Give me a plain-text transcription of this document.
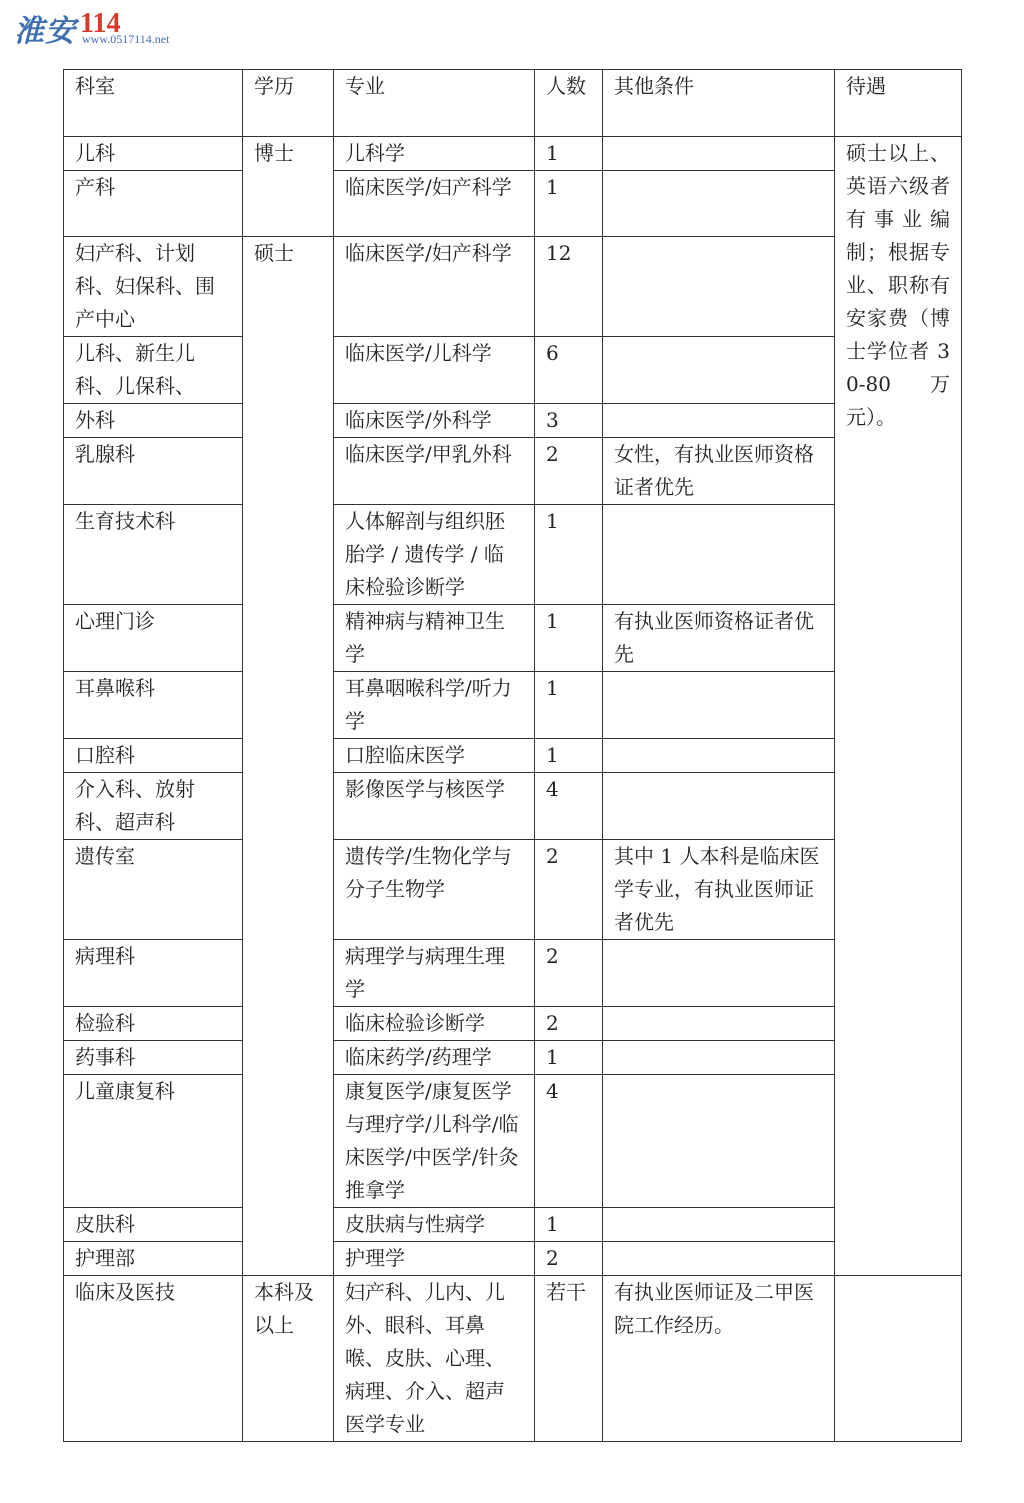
淮安 114
www.0517114.net
科室	学历	专业	人数	其他条件	待遇
儿科	博士	儿科学	1		硕士以上、英语六级者有事业编制；根据专业、职称有安家费（博士学位者 30-80 万元）。
产科		临床医学/妇产科学	1		
妇产科、计划科、妇保科、围产中心	硕士	临床医学/妇产科学	12		
儿科、新生儿科、儿保科、		临床医学/儿科学	6		
外科		临床医学/外科学	3		
乳腺科		临床医学/甲乳外科	2	女性，有执业医师资格证者优先	
生育技术科		人体解剖与组织胚胎学 / 遗传学 / 临床检验诊断学	1		
心理门诊		精神病与精神卫生学	1	有执业医师资格证者优先	
耳鼻喉科		耳鼻咽喉科学/听力学	1		
口腔科		口腔临床医学	1		
介入科、放射科、超声科		影像医学与核医学	4		
遗传室		遗传学/生物化学与分子生物学	2	其中 1 人本科是临床医学专业，有执业医师证者优先	
病理科		病理学与病理生理学	2		
检验科		临床检验诊断学	2		
药事科		临床药学/药理学	1		
儿童康复科		康复医学/康复医学与理疗学/儿科学/临床医学/中医学/针灸推拿学	4		
皮肤科		皮肤病与性病学	1		
护理部		护理学	2		
临床及医技	本科及以上	妇产科、儿内、儿外、眼科、耳鼻喉、皮肤、心理、病理、介入、超声医学专业	若干	有执业医师证及二甲医院工作经历。	
